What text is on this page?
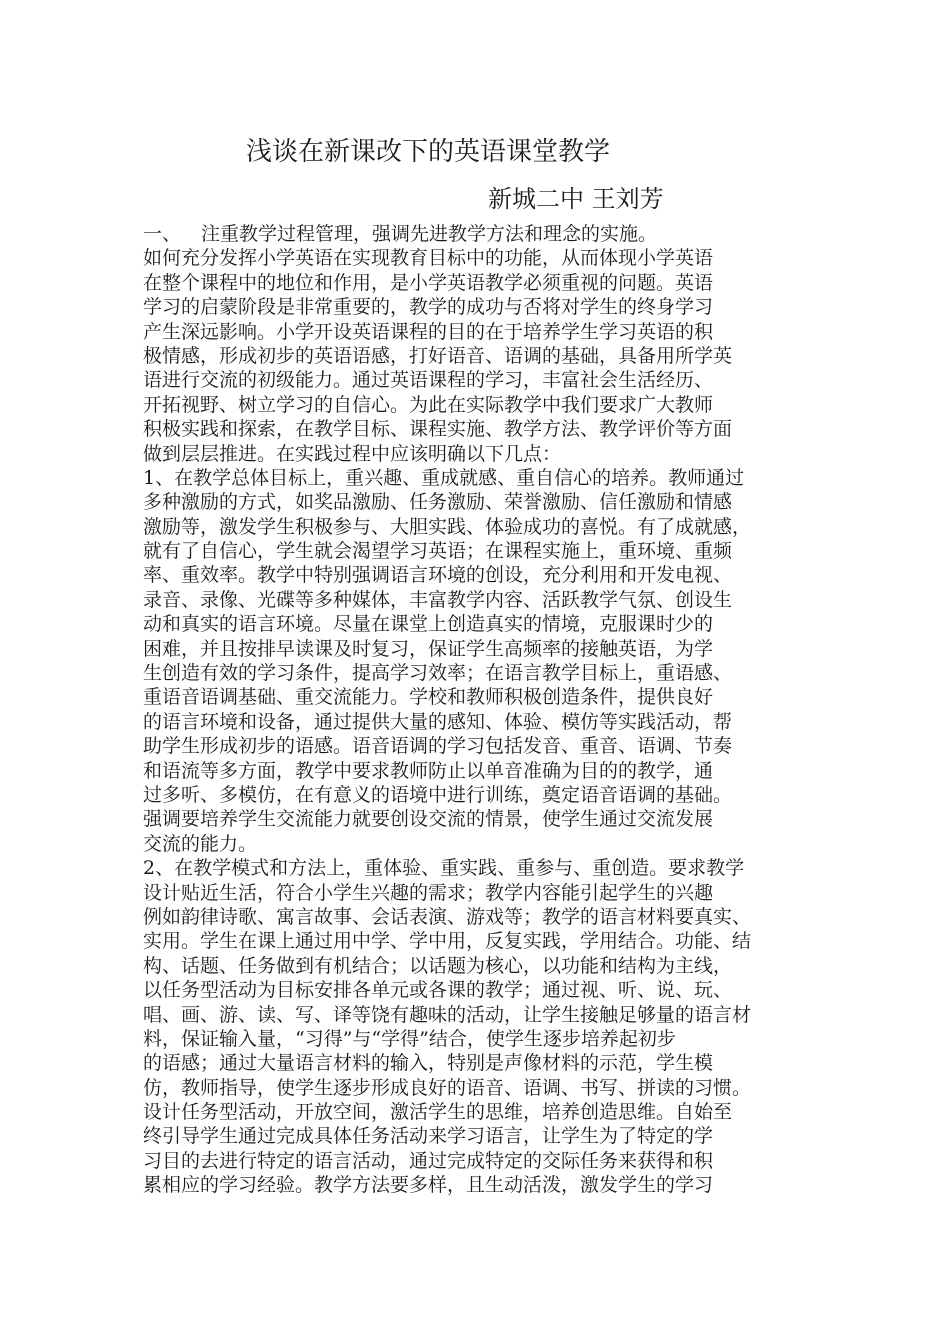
浅谈在新课改下的英语课堂教学
新城二中 王刘芳
一、 注重教学过程管理，强调先进教学方法和理念的实施。
如何充分发挥小学英语在实现教育目标中的功能，从而体现小学英语
在整个课程中的地位和作用，是小学英语教学必须重视的问题。英语
学习的启蒙阶段是非常重要的，教学的成功与否将对学生的终身学习
产生深远影响。小学开设英语课程的目的在于培养学生学习英语的积
极情感，形成初步的英语语感，打好语音、语调的基础，具备用所学英
语进行交流的初级能力。通过英语课程的学习，丰富社会生活经历、
开拓视野、树立学习的自信心。为此在实际教学中我们要求广大教师
积极实践和探索，在教学目标、课程实施、教学方法、教学评价等方面
做到层层推进。在实践过程中应该明确以下几点：
1、在教学总体目标上，重兴趣、重成就感、重自信心的培养。教师通过
多种激励的方式，如奖品激励、任务激励、荣誉激励、信任激励和情感
激励等，激发学生积极参与、大胆实践、体验成功的喜悦。有了成就感，
就有了自信心，学生就会渴望学习英语；在课程实施上，重环境、重频
率、重效率。教学中特别强调语言环境的创设，充分利用和开发电视、
录音、录像、光碟等多种媒体，丰富教学内容、活跃教学气氛、创设生
动和真实的语言环境。尽量在课堂上创造真实的情境，克服课时少的
困难，并且按排早读课及时复习，保证学生高频率的接触英语，为学
生创造有效的学习条件，提高学习效率；在语言教学目标上，重语感、
重语音语调基础、重交流能力。学校和教师积极创造条件，提供良好
的语言环境和设备，通过提供大量的感知、体验、模仿等实践活动，帮
助学生形成初步的语感。语音语调的学习包括发音、重音、语调、节奏
和语流等多方面，教学中要求教师防止以单音准确为目的的教学，通
过多听、多模仿，在有意义的语境中进行训练，奠定语音语调的基础。
强调要培养学生交流能力就要创设交流的情景，使学生通过交流发展
交流的能力。
2、在教学模式和方法上，重体验、重实践、重参与、重创造。要求教学
设计贴近生活，符合小学生兴趣的需求；教学内容能引起学生的兴趣
例如韵律诗歌、寓言故事、会话表演、游戏等；教学的语言材料要真实、
实用。学生在课上通过用中学、学中用，反复实践，学用结合。功能、结
构、话题、任务做到有机结合；以话题为核心，以功能和结构为主线，
以任务型活动为目标安排各单元或各课的教学；通过视、听、说、玩、
唱、画、游、读、写、译等饶有趣味的活动，让学生接触足够量的语言材
料，保证输入量，“习得”与“学得”结合，使学生逐步培养起初步
的语感；通过大量语言材料的输入，特别是声像材料的示范，学生模
仿，教师指导，使学生逐步形成良好的语音、语调、书写、拼读的习惯。
设计任务型活动，开放空间，激活学生的思维，培养创造思维。自始至
终引导学生通过完成具体任务活动来学习语言，让学生为了特定的学
习目的去进行特定的语言活动，通过完成特定的交际任务来获得和积
累相应的学习经验。教学方法要多样，且生动活泼，激发学生的学习
